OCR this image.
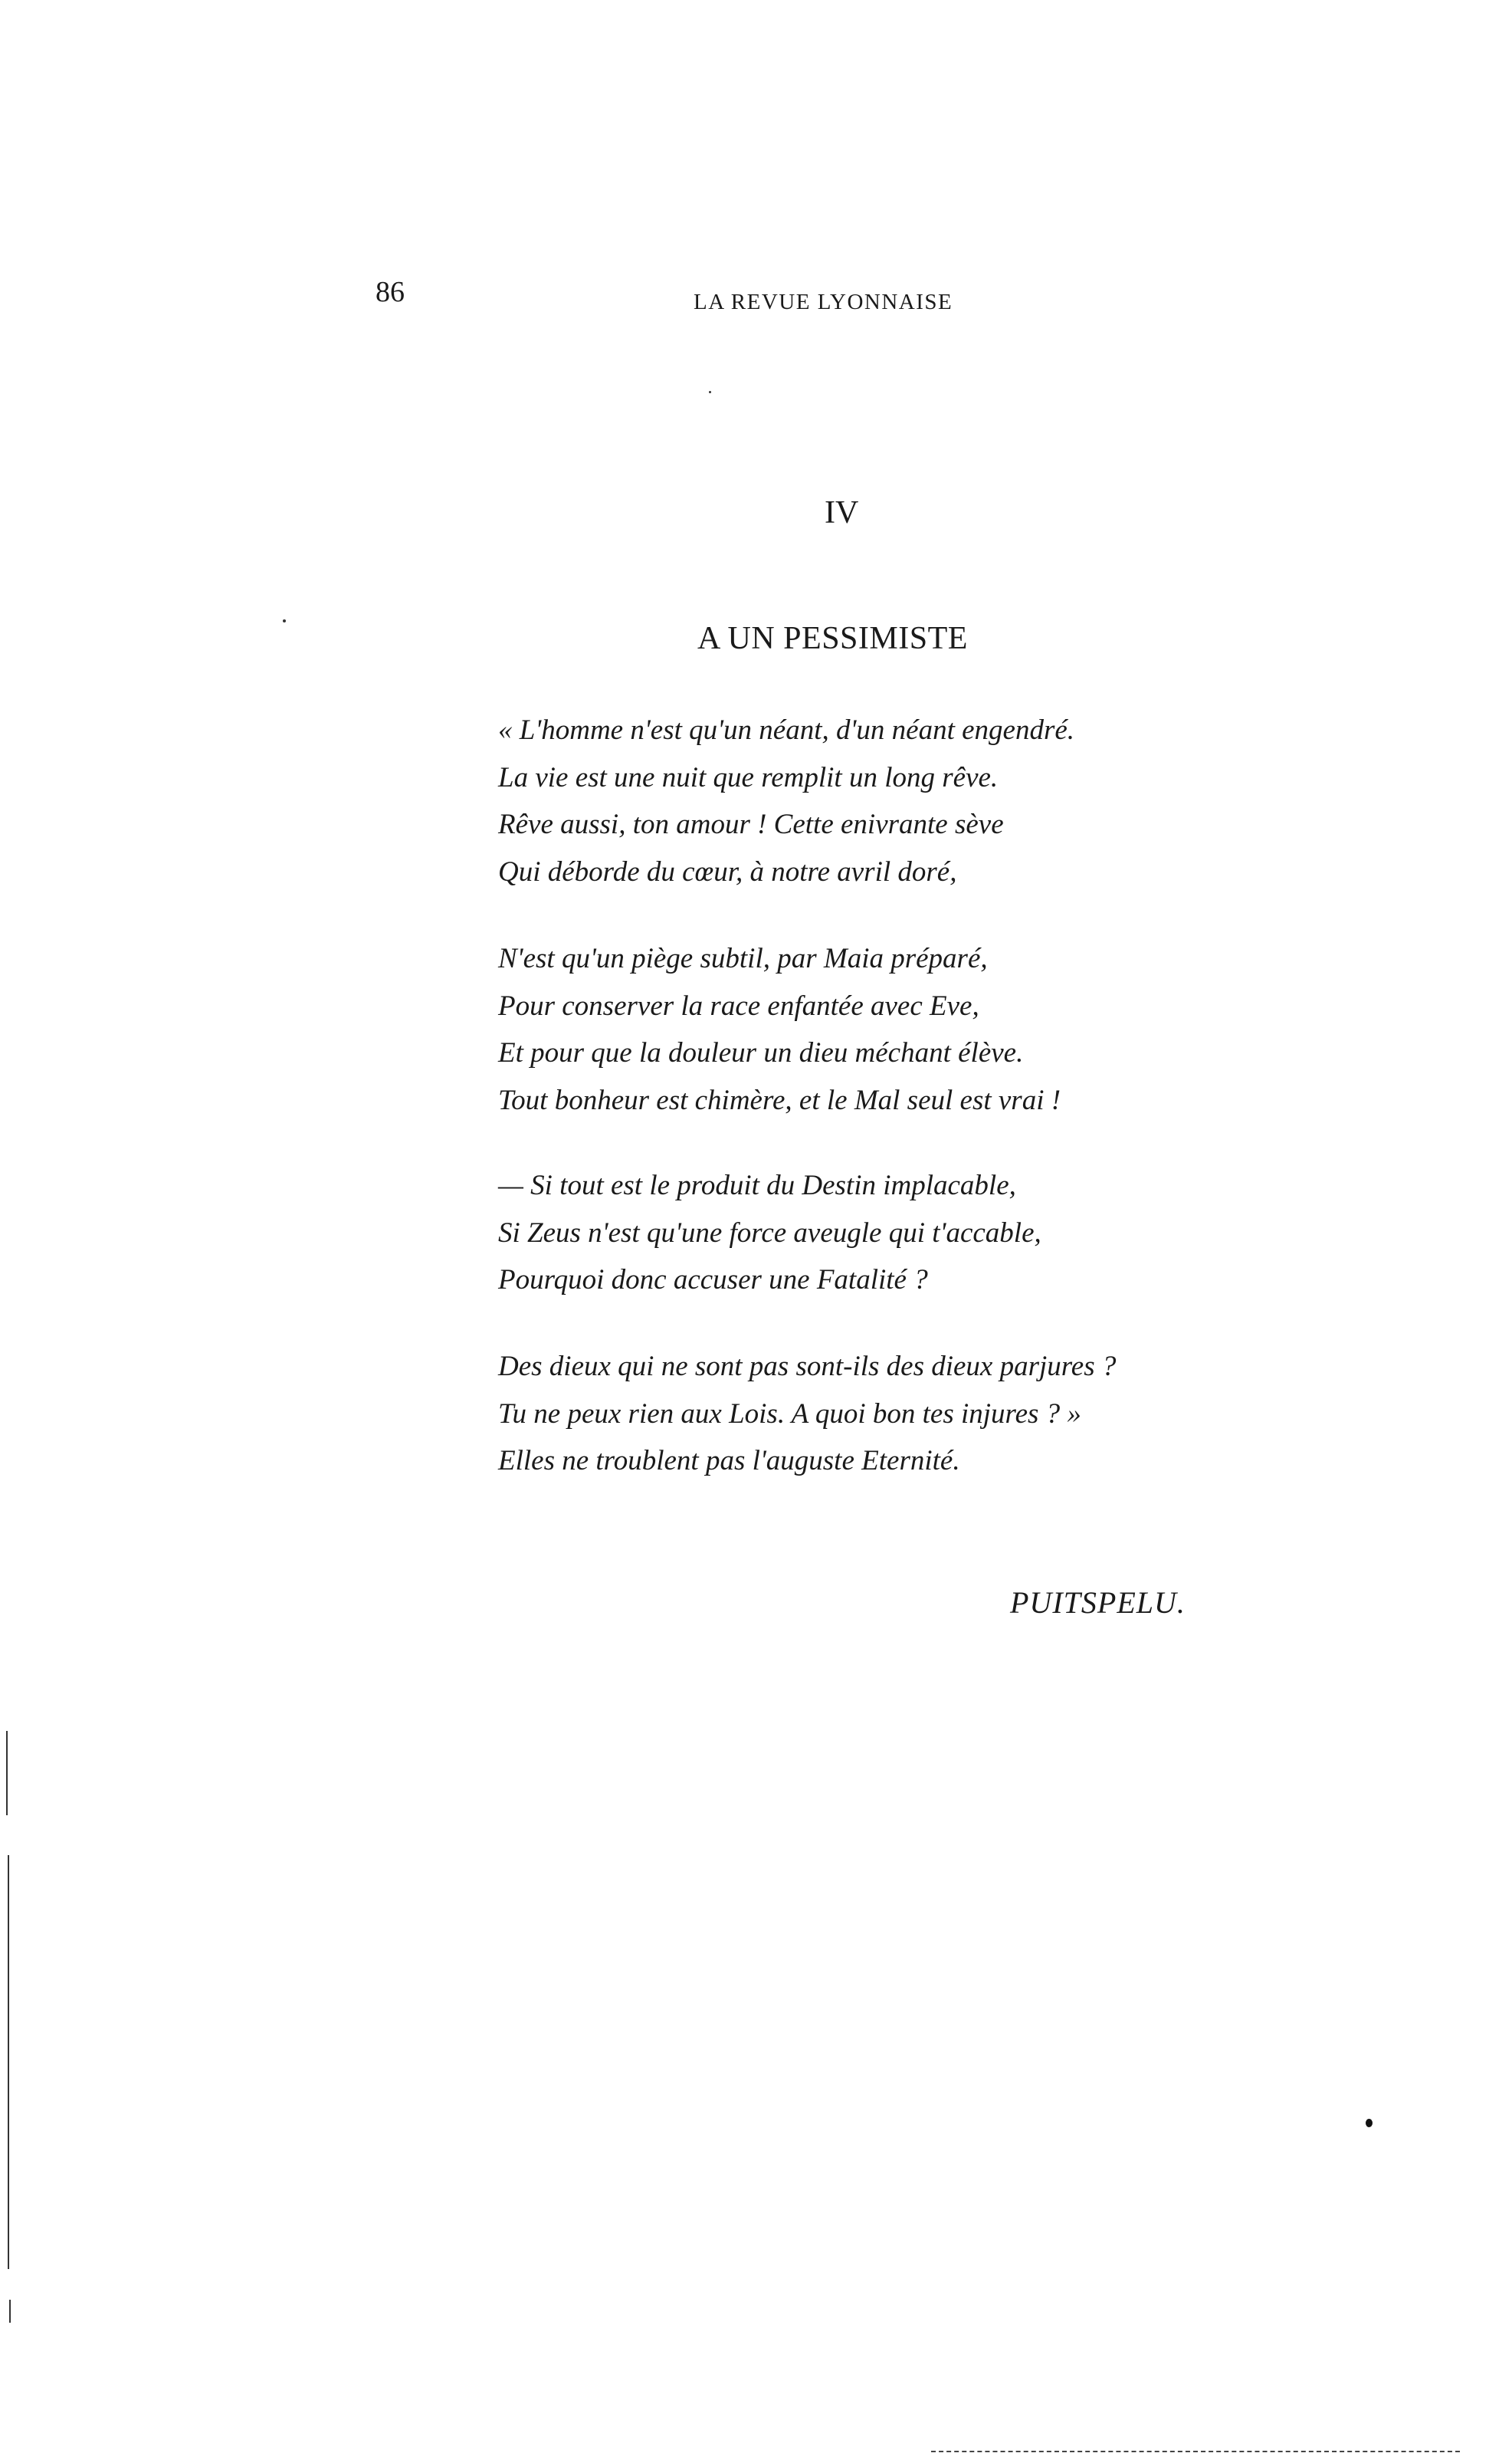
86	LA REVUE LYONNAISE
IV
A UN PESSIMISTE
« L'homme n'est qu'un néant, d'un néant engendré.
La vie est une nuit que remplit un long rêve.
Rêve aussi, ton amour ! Cette enivrante sève
Qui déborde du cœur, à notre avril doré,
N'est qu'un piège subtil, par Maia préparé,
Pour conserver la race enfantée avec Eve,
Et pour que la douleur un dieu méchant élève.
Tout bonheur est chimère, et le Mal seul est vrai !
— Si tout est le produit du Destin implacable,
Si Zeus n'est qu'une force aveugle qui t'accable,
Pourquoi donc accuser une Fatalité ?
Des dieux qui ne sont pas sont-ils des dieux parjures ?
Tu ne peux rien aux Lois. A quoi bon tes injures ? »
Elles ne troublent pas l'auguste Eternité.
PUITSPELU.
